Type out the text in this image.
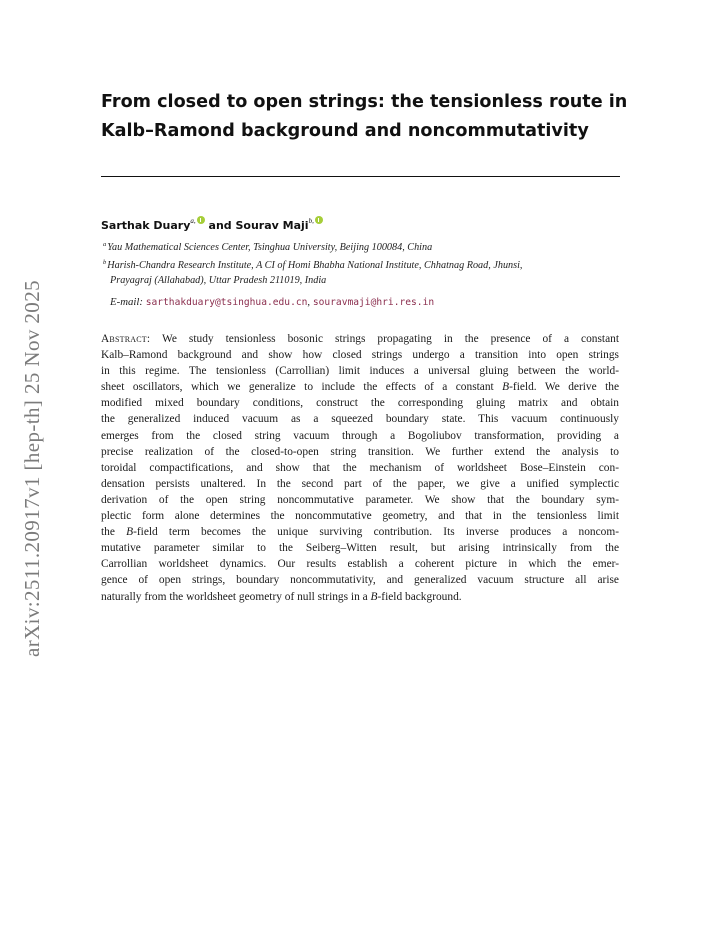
arXiv:2511.20917v1 [hep-th] 25 Nov 2025
From closed to open strings: the tensionless route in
Kalb–Ramond background and noncommutativity
Sarthak Duary$^{a,}$ and Sourav Maji$^{b,}$
$^a$Yau Mathematical Sciences Center, Tsinghua University, Beijing 100084, China
$^b$Harish-Chandra Research Institute, A CI of Homi Bhabha National Institute, Chhatnag Road, Jhunsi,
Prayagraj (Allahabad), Uttar Pradesh 211019, India
E-mail: sarthakduary@tsinghua.edu.cn, souravmaji@hri.res.in
Abstract: We study tensionless bosonic strings propagating in the presence of a constant
Kalb–Ramond background and show how closed strings undergo a transition into open strings
in this regime. The tensionless (Carrollian) limit induces a universal gluing between the world-
sheet oscillators, which we generalize to include the effects of a constant B-field. We derive the
modified mixed boundary conditions, construct the corresponding gluing matrix and obtain
the generalized induced vacuum as a squeezed boundary state. This vacuum continuously
emerges from the closed string vacuum through a Bogoliubov transformation, providing a
precise realization of the closed-to-open string transition. We further extend the analysis to
toroidal compactifications, and show that the mechanism of worldsheet Bose–Einstein con-
densation persists unaltered. In the second part of the paper, we give a unified symplectic
derivation of the open string noncommutative parameter. We show that the boundary sym-
plectic form alone determines the noncommutative geometry, and that in the tensionless limit
the B-field term becomes the unique surviving contribution. Its inverse produces a noncom-
mutative parameter similar to the Seiberg–Witten result, but arising intrinsically from the
Carrollian worldsheet dynamics. Our results establish a coherent picture in which the emer-
gence of open strings, boundary noncommutativity, and generalized vacuum structure all arise
naturally from the worldsheet geometry of null strings in a B-field background.
